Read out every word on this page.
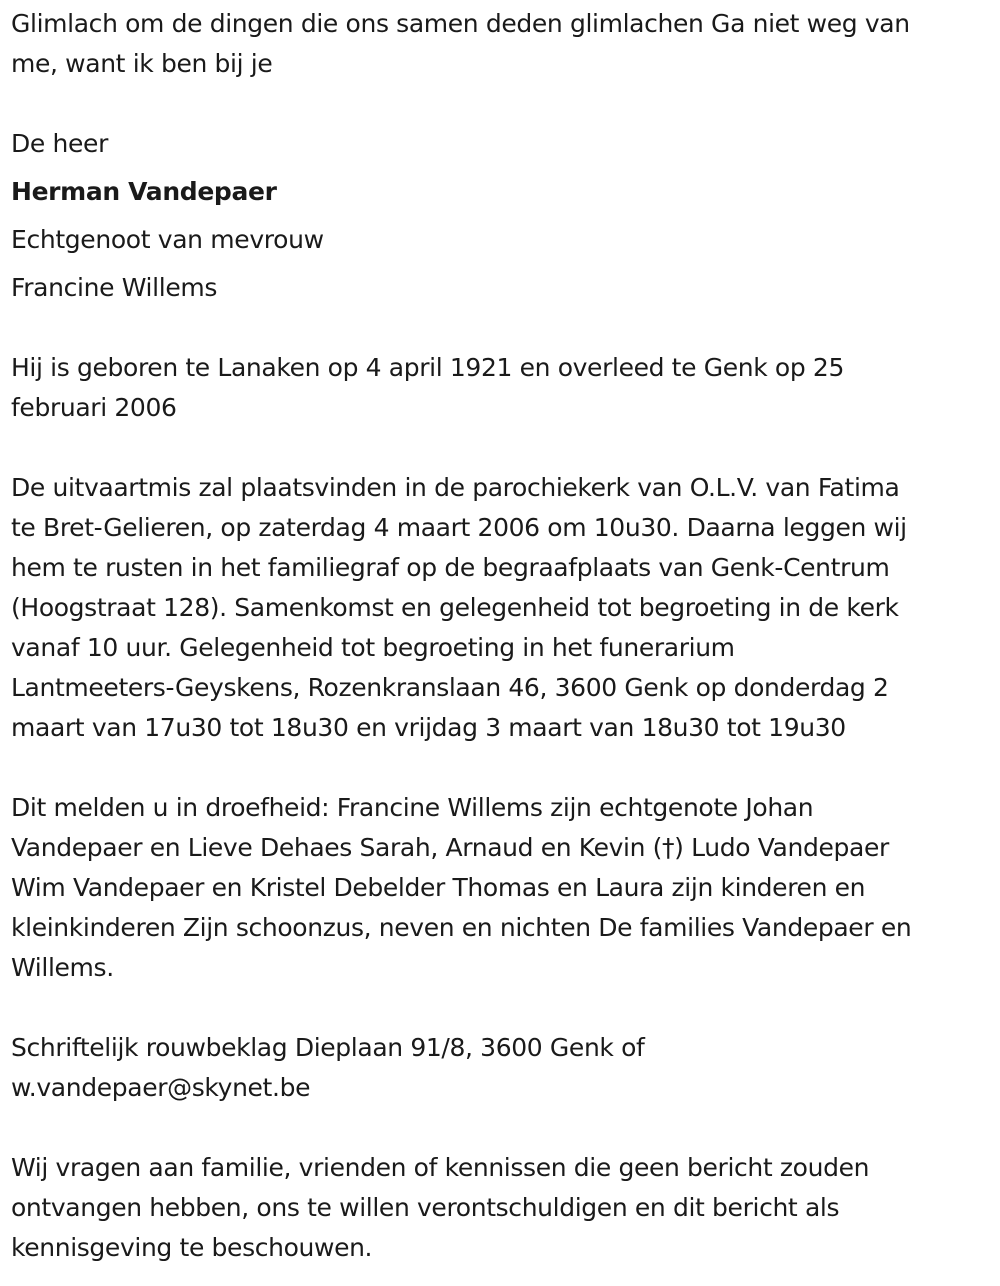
Glimlach om de dingen die ons samen deden glimlachen Ga niet weg van
me, want ik ben bij je

De heer

Herman Vandepaer

Echtgenoot van mevrouw

Francine Willems

Hij is geboren te Lanaken op 4 april 1921 en overleed te Genk op 25
februari 2006

De uitvaartmis zal plaatsvinden in de parochiekerk van O.L.V. van Fatima
te Bret-Gelieren, op zaterdag 4 maart 2006 om 10u30. Daarna leggen wij
hem te rusten in het familiegraf op de begraafplaats van Genk-Centrum
(Hoogstraat 128). Samenkomst en gelegenheid tot begroeting in de kerk
vanaf 10 uur. Gelegenheid tot begroeting in het funerarium
Lantmeeters-Geyskens, Rozenkranslaan 46, 3600 Genk op donderdag 2
maart van 17u30 tot 18u30 en vrijdag 3 maart van 18u30 tot 19u30

Dit melden u in droefheid: Francine Willems zijn echtgenote Johan
Vandepaer en Lieve Dehaes Sarah, Arnaud en Kevin (†) Ludo Vandepaer
Wim Vandepaer en Kristel Debelder Thomas en Laura zijn kinderen en
kleinkinderen Zijn schoonzus, neven en nichten De families Vandepaer en
Willems.

Schriftelijk rouwbeklag Dieplaan 91/8, 3600 Genk of
w.vandepaer@skynet.be

Wij vragen aan familie, vrienden of kennissen die geen bericht zouden
ontvangen hebben, ons te willen verontschuldigen en dit bericht als
kennisgeving te beschouwen.
